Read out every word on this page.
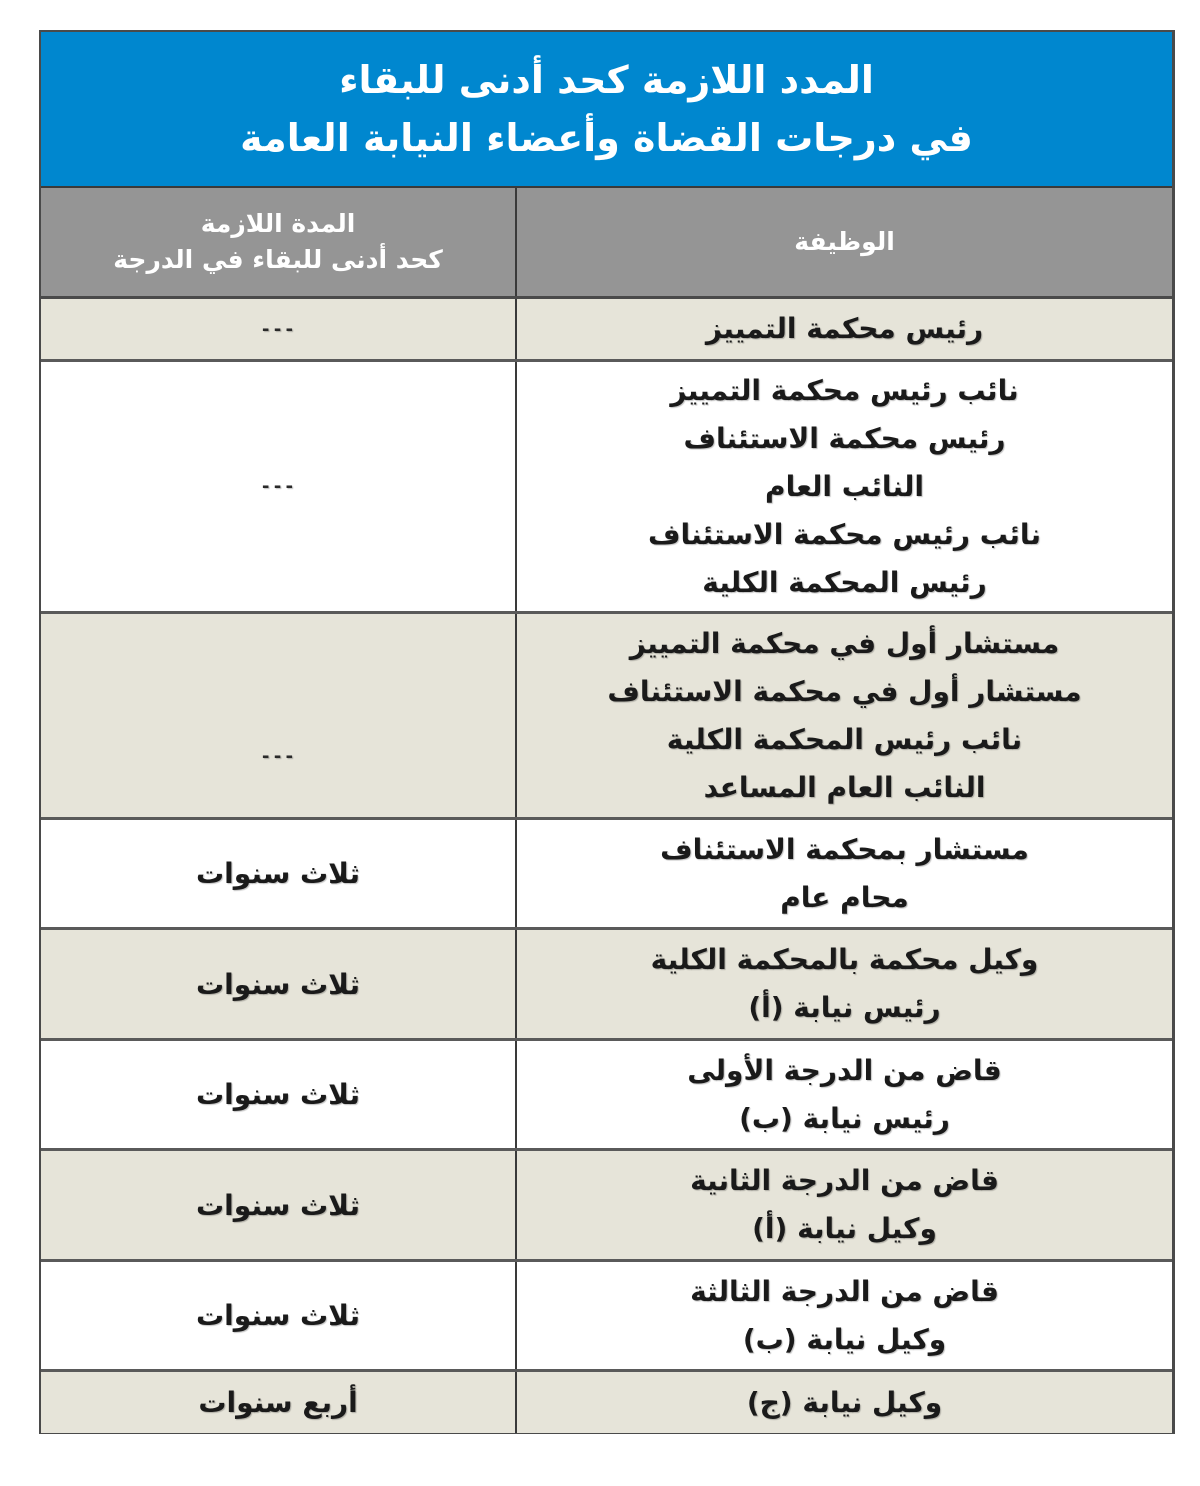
المدد اللازمة كحد أدنى للبقاء
في درجات القضاة وأعضاء النيابة العامة
الوظيفة
المدة اللازمة
كحد أدنى للبقاء في الدرجة
رئيس محكمة التمييز
---
نائب رئيس محكمة التمييز
رئيس محكمة الاستئناف
النائب العام
نائب رئيس محكمة الاستئناف
رئيس المحكمة الكلية
---
مستشار أول في محكمة التمييز
مستشار أول في محكمة الاستئناف
نائب رئيس المحكمة الكلية
النائب العام المساعد
---
مستشار بمحكمة الاستئناف
محام عام
ثلاث سنوات
وكيل محكمة بالمحكمة الكلية
رئيس نيابة (أ)
ثلاث سنوات
قاض من الدرجة الأولى
رئيس نيابة (ب)
ثلاث سنوات
قاض من الدرجة الثانية
وكيل نيابة (أ)
ثلاث سنوات
قاض من الدرجة الثالثة
وكيل نيابة (ب)
ثلاث سنوات
وكيل نيابة (ج)
أربع سنوات
